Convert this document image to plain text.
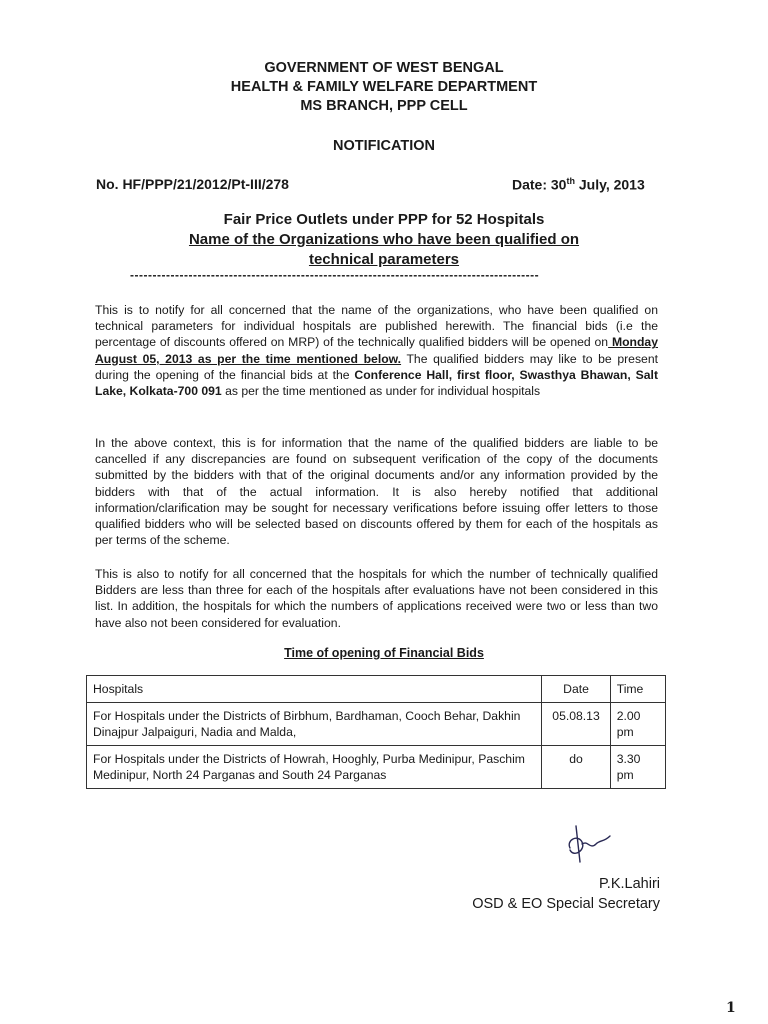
GOVERNMENT OF WEST BENGAL
HEALTH & FAMILY WELFARE DEPARTMENT
MS BRANCH, PPP CELL
NOTIFICATION
No. HF/PPP/21/2012/Pt-III/278	Date: 30th July, 2013
Fair Price Outlets under PPP for 52 Hospitals
Name of the Organizations who have been qualified on
technical parameters
-------------------------------------------------------------------------------------------
This is to notify for all concerned that the name of the organizations, who have been qualified on technical parameters for individual hospitals are published herewith. The financial bids (i.e the percentage of discounts offered on MRP) of the technically qualified bidders will be opened on Monday August 05, 2013 as per the time mentioned below. The qualified bidders may like to be present during the opening of the financial bids at the Conference Hall, first floor, Swasthya Bhawan, Salt Lake, Kolkata-700 091 as per the time mentioned as under for individual hospitals
In the above context, this is for information that the name of the qualified bidders are liable to be cancelled if any discrepancies are found on subsequent verification of the copy of the documents submitted by the bidders with that of the original documents and/or any information provided by the bidders with that of the actual information. It is also hereby notified that additional information/clarification may be sought for necessary verifications before issuing offer letters to those qualified bidders who will be selected based on discounts offered by them for each of the hospitals as per terms of the scheme.
This is also to notify for all concerned that the hospitals for which the number of technically qualified Bidders are less than three for each of the hospitals after evaluations have not been considered in this list. In addition, the hospitals for which the numbers of applications received were two or less than two have also not been considered for evaluation.
Time of opening of Financial Bids
Hospitals	Date	Time
For Hospitals under the Districts of Birbhum, Bardhaman, Cooch Behar, Dakhin Dinajpur Jalpaiguri, Nadia and Malda,	05.08.13	2.00 pm
For Hospitals under the Districts of Howrah, Hooghly, Purba Medinipur, Paschim Medinipur, North 24 Parganas and South 24 Parganas	do	3.30 pm
P.K.Lahiri
OSD & EO Special Secretary
1
